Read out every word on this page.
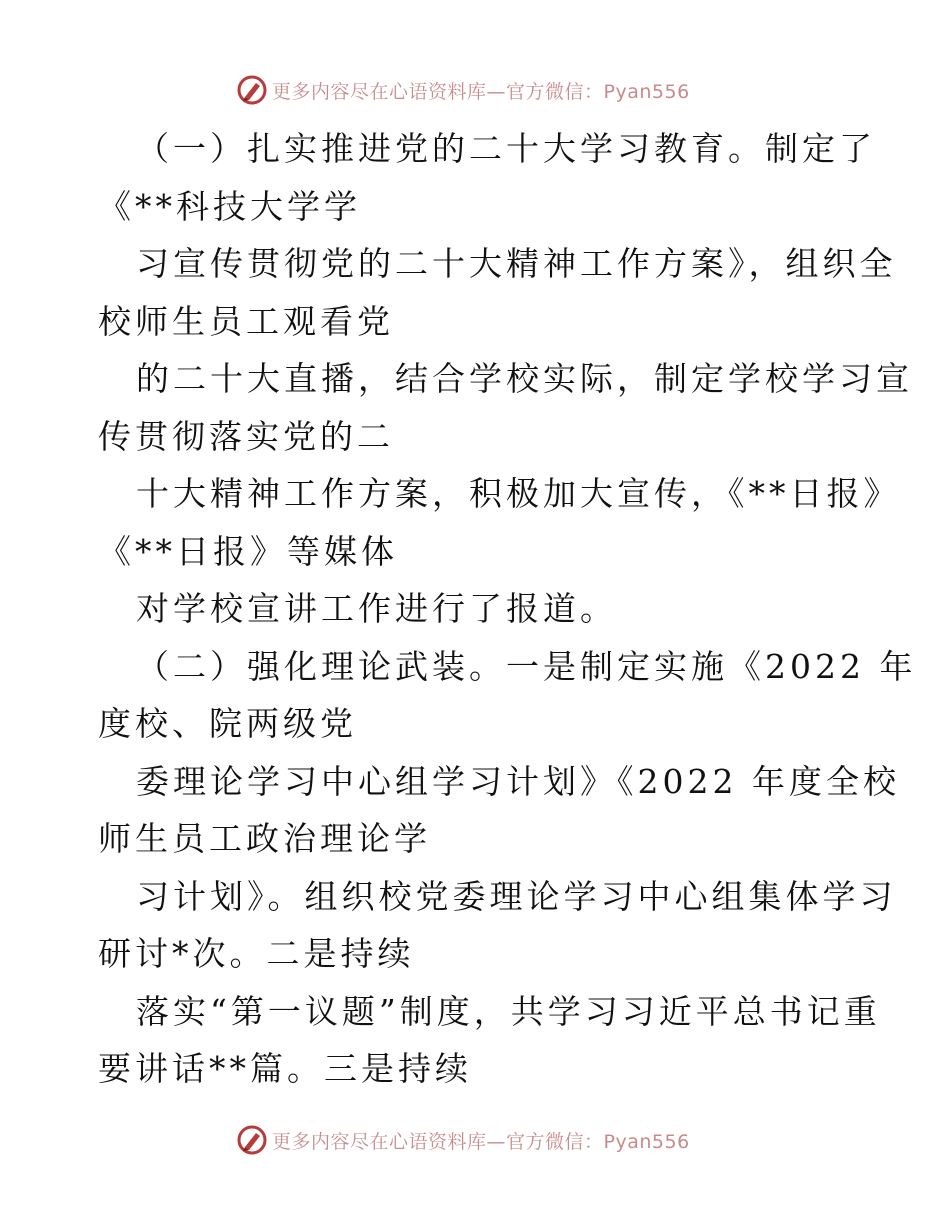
更多内容尽在心语资料库—官方微信：Pyan556
（一）扎实推进党的二十大学习教育。制定了
《**科技大学学
习宣传贯彻党的二十大精神工作方案》，组织全
校师生员工观看党
的二十大直播，结合学校实际，制定学校学习宣
传贯彻落实党的二
十大精神工作方案，积极加大宣传，《**日报》
《**日报》等媒体
对学校宣讲工作进行了报道。
（二）强化理论武装。一是制定实施《2022 年
度校、院两级党
委理论学习中心组学习计划》《2022 年度全校
师生员工政治理论学
习计划》。组织校党委理论学习中心组集体学习
研讨*次。二是持续
落实“第一议题”制度，共学习习近平总书记重
要讲话**篇。三是持续
更多内容尽在心语资料库—官方微信：Pyan556
